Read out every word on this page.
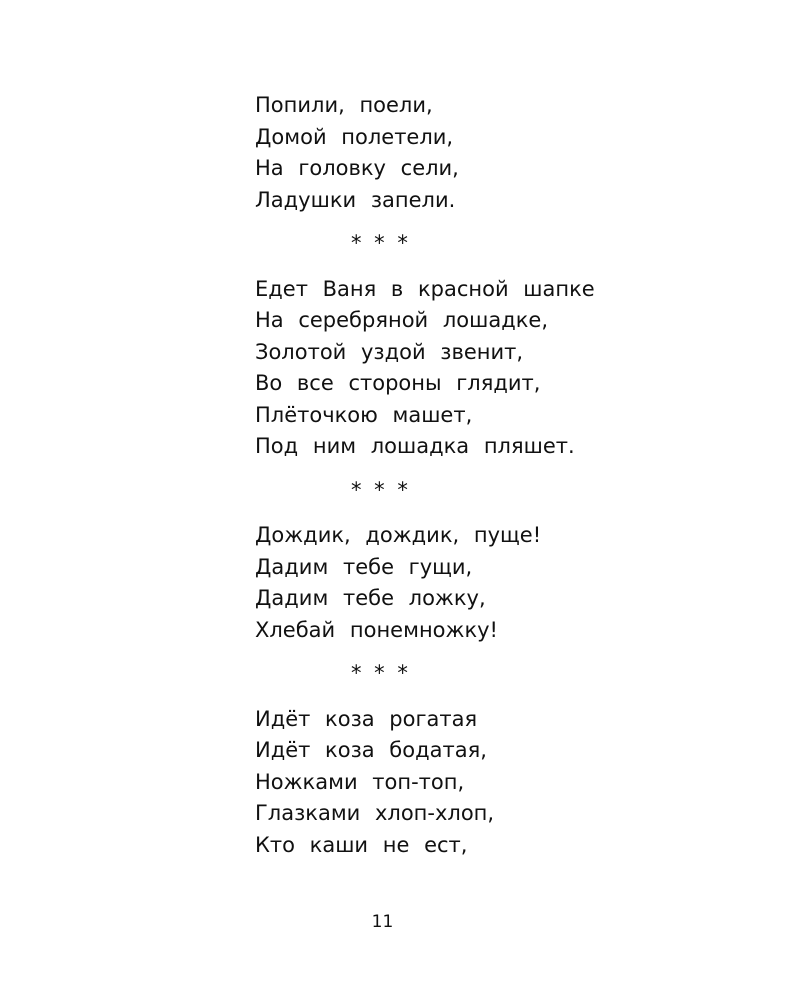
Попили, поели,
Домой полетели,
На головку сели,
Ладушки запели.
* * *
Едет Ваня в красной шапке
На серебряной лошадке,
Золотой уздой звенит,
Во все стороны глядит,
Плёточкою машет,
Под ним лошадка пляшет.
* * *
Дождик, дождик, пуще!
Дадим тебе гущи,
Дадим тебе ложку,
Хлебай понемножку!
* * *
Идёт коза рогатая
Идёт коза бодатая,
Ножками топ-топ,
Глазками хлоп-хлоп,
Кто каши не ест,
11
